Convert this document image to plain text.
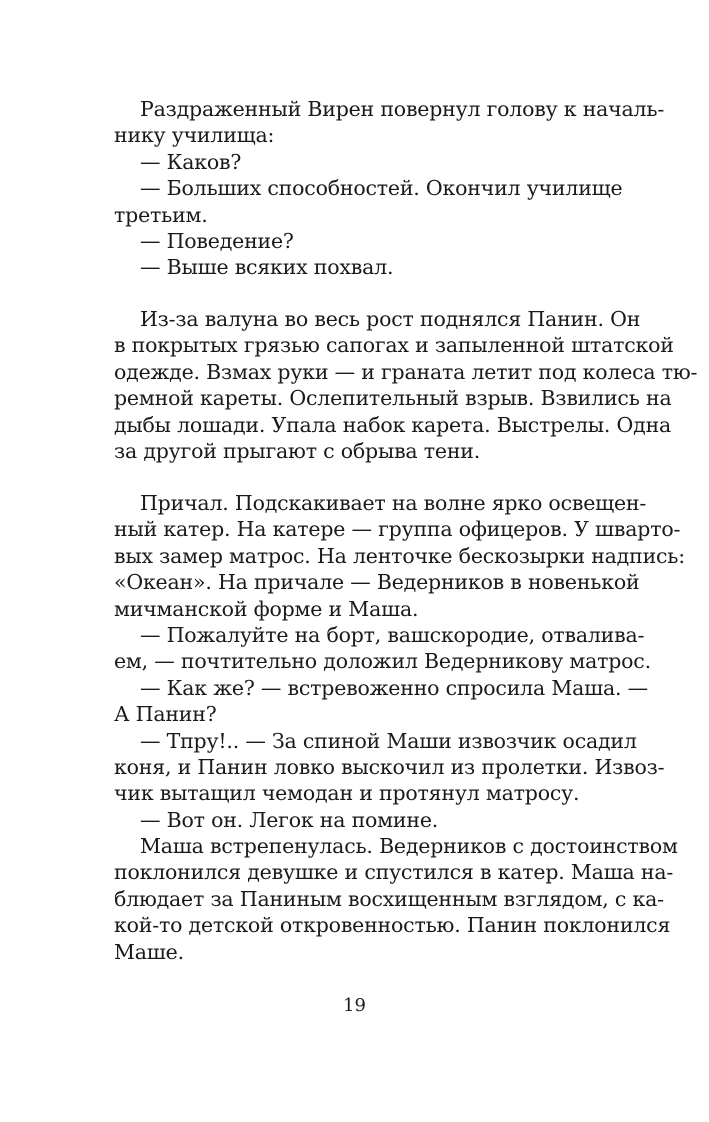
Раздраженный Вирен повернул голову к началь-
нику училища:
— Каков?
— Больших способностей. Окончил училище
третьим.
— Поведение?
— Выше всяких похвал.
Из-за валуна во весь рост поднялся Панин. Он
в покрытых грязью сапогах и запыленной штатской
одежде. Взмах руки — и граната летит под колеса тю-
ремной кареты. Ослепительный взрыв. Взвились на
дыбы лошади. Упала набок карета. Выстрелы. Одна
за другой прыгают с обрыва тени.
Причал. Подскакивает на волне ярко освещен-
ный катер. На катере — группа офицеров. У шварто-
вых замер матрос. На ленточке бескозырки надпись:
«Океан». На причале — Ведерников в новенькой
мичманской форме и Маша.
— Пожалуйте на борт, вашскородие, отваливa-
ем, — почтительно доложил Ведерникову матрос.
— Как же? — встревоженно спросила Маша. —
А Панин?
— Тпру!.. — За спиной Маши извозчик осадил
коня, и Панин ловко выскочил из пролетки. Извоз-
чик вытащил чемодан и протянул матросу.
— Вот он. Легок на помине.
Маша встрепенулась. Ведерников с достоинством
поклонился девушке и спустился в катер. Маша на-
блюдает за Паниным восхищенным взглядом, с ка-
кой-то детской откровенностью. Панин поклонился
Маше.
19
